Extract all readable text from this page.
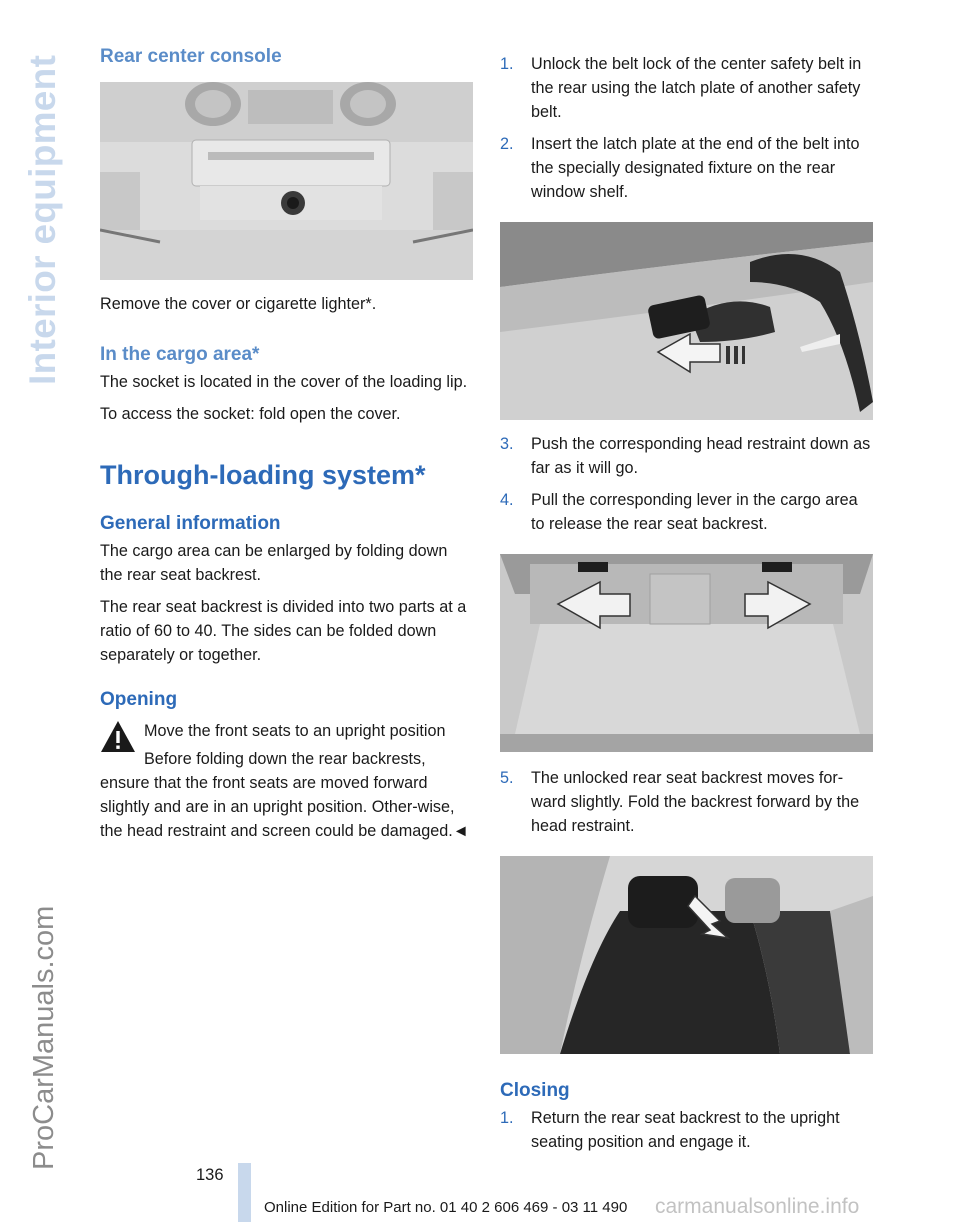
Interior equipment
ProCarManuals.com
Rear center console

Remove the cover or cigarette lighter*.

In the cargo area*

The socket is located in the cover of the loading lip.

To access the socket: fold open the cover.

Through-loading system*
General information

The cargo area can be enlarged by folding down the rear seat backrest.

The rear seat backrest is divided into two parts at a ratio of 60 to 40. The sides can be folded down separately or together.

Opening

Move the front seats to an upright position

Before folding down the rear backrests, ensure that the front seats are moved forward slightly and are in an upright position. Other-wise, the head restraint and screen could be damaged.◄

1. Unlock the belt lock of the center safety belt in the rear using the latch plate of another safety belt.
2. Insert the latch plate at the end of the belt into the specially designated fixture on the rear window shelf.
3. Push the corresponding head restraint down as far as it will go.
4. Pull the corresponding lever in the cargo area to release the rear seat backrest.
5. The unlocked rear seat backrest moves for-ward slightly. Fold the backrest forward by the head restraint.
Closing
1. Return the rear seat backrest to the upright seating position and engage it.
136
Online Edition for Part no. 01 40 2 606 469 - 03 11 490 carmanualsonline.info
